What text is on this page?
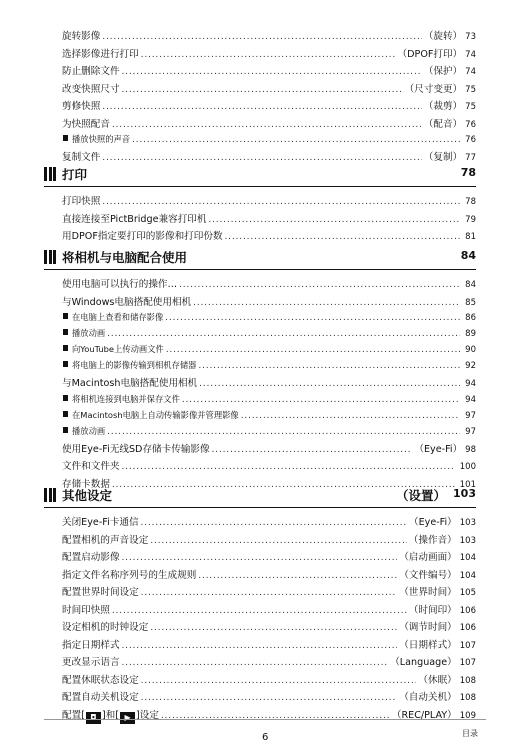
旋转影像 .....	（旋转） 73
选择影像进行打印 .....	（DPOF打印） 74
防止删除文件 .....	（保护） 74
改变快照尺寸 .....	（尺寸变更） 75
剪修快照 .....	（裁剪） 75
为快照配音 .....	（配音） 76
播放快照的声音 .....	76
复制文件 .....	（复制） 77
打印	78
打印快照 .....	78
直接连接至PictBridge兼容打印机 .....	79
用DPOF指定要打印的影像和打印份数 .....	81
将相机与电脑配合使用	84
使用电脑可以执行的操作… .....	84
与Windows电脑搭配使用相机 .....	85
在电脑上查看和储存影像 .....	86
播放动画 .....	89
向YouTube上传动画文件 .....	90
将电脑上的影像传输到相机存储器 .....	92
与Macintosh电脑搭配使用相机 .....	94
将相机连接到电脑并保存文件 .....	94
在Macintosh电脑上自动传输影像并管理影像 .....	97
播放动画 .....	97
使用Eye-Fi无线SD存储卡传输影像 .....	（Eye-Fi） 98
文件和文件夹 .....	100
存储卡数据 .....	101
其他设定	（设置） 103
关闭Eye-Fi卡通信 .....	（Eye-Fi） 103
配置相机的声音设定 .....	（操作音） 103
配置启动影像 .....	（启动画面） 104
指定文件名称序列号的生成规则 .....	（文件编号） 104
配置世界时间设定 .....	（世界时间） 105
时间印快照 .....	（时间印） 106
设定相机的时钟设定 .....	（调节时间） 106
指定日期样式 .....	（日期样式） 107
更改显示语言 .....	（Language） 107
配置休眠状态设定 .....	（休眠） 108
配置自动关机设定 .....	（自动关机） 108
配置[ ◘ ]和[ ▶ ]设定 .....	（REC/PLAY） 109
6	目录
